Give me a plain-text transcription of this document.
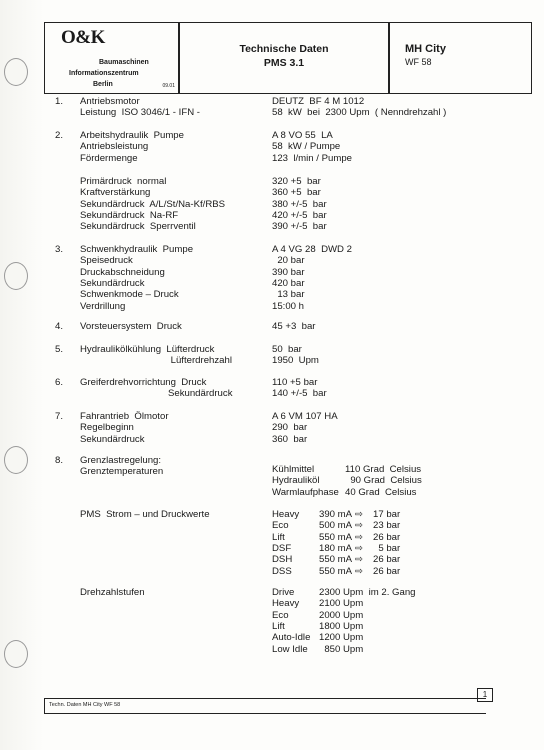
O&K
Baumaschinen
Informationszentrum
Berlin	09.01
Technische Daten
PMS 3.1
MH City
WF 58
1. Antriebsmotor	DEUTZ  BF 4 M 1012
Leistung  ISO 3046/1 - IFN -	58  kW  bei  2300 Upm  ( Nenndrehzahl )
2. Arbeitshydraulik  Pumpe	A 8 VO 55  LA
Antriebsleistung	58  kW / Pumpe
Fördermenge	123  l/min / Pumpe
Primärdruck  normal	320 +5  bar
Kraftverstärkung	360 +5  bar
Sekundärdruck  A/L/St/Na-Kf/RBS	380 +/-5  bar
Sekundärdruck  Na-RF	420 +/-5  bar
Sekundärdruck  Sperrventil	390 +/-5  bar
3. Schwenkhydraulik  Pumpe	A 4 VG 28  DWD 2
Speisedruck	20 bar
Druckabschneidung	390 bar
Sekundärdruck	420 bar
Schwenkmode – Druck	13 bar
Verdrillung	15:00 h
4. Vorsteuersystem  Druck	45 +3  bar
5. Hydraulikölkühlung  Lüfterdruck	50  bar
Lüfterdrehzahl	1950  Upm
6. Greiferdrehvorrichtung  Druck	110 +5 bar
Sekundärdruck	140 +/-5  bar
7. Fahrantrieb  Ölmotor	A 6 VM 107 HA
Regelbeginn	290  bar
Sekundärdruck	360  bar
8. Grenzlastregelung:
Grenztemperaturen	Kühlmittel	110 Grad  Celsius
Hydrauliköl	90 Grad  Celsius
Warmlaufphase 40 Grad  Celsius
PMS  Strom – und Druckwerte	Heavy 390 mA ⇨ 17 bar
Eco	500 mA ⇨ 23 bar
Lift	550 mA ⇨ 26 bar
DSF	180 mA ⇨ 5 bar
DSH	550 mA ⇨ 26 bar
DSS	550 mA ⇨ 26 bar
Drehzahlstufen	Drive	2300 Upm  im 2. Gang
Heavy 2100 Upm
Eco	2000 Upm
Lift	1800 Upm
Auto-Idle 1200 Upm
Low Idle 850 Upm
1
Techn. Daten MH City WF 58
